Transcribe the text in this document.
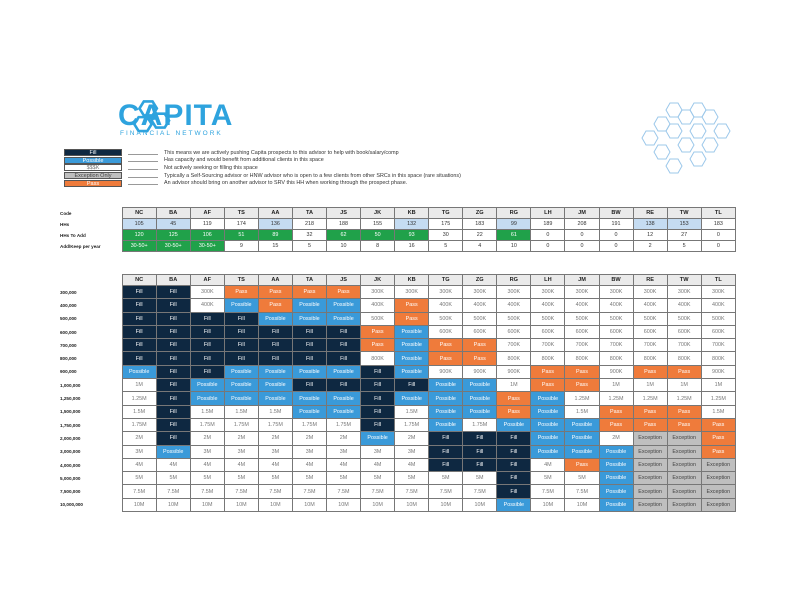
CAPITA
FINANCIAL NETWORK
Fill	This means we are actively pushing Capita prospects to this advisor to help with book/salary/comp
Possible	Has capacity and would benefit from additional clients in this space
$$$K	Not actively seeking or filling this space
Exception Only	Typically a Self-Sourcing advisor or HNW advisor who is open to a few clients from other SRCs in this space (rare situations)
Pass	An advisor should bring on another advisor to SRV this HH when working through the prospect phase.
Code	NC	BA	AF	TS	AA	TA	JS	JK	KB	TG	ZG	RG	LH	JM	BW	RE	TW	TL
HHs	105	45	119	174	136	218	188	155	132	175	183	99	189	208	191	138	153	183
HHs To Add	120	125	106	51	89	32	62	50	93	30	22	61	0	0	0	12	27	0
Add/Keep per year	30-50+	30-50+	30-50+	9	15	5	10	8	16	5	4	10	0	0	0	2	5	0
	NC	BA	AF	TS	AA	TA	JS	JK	KB	TG	ZG	RG	LH	JM	BW	RE	TW	TL
300,000	Fill	Fill	300K	Pass	Pass	Pass	Pass	300K	300K	300K	300K	300K	300K	300K	300K	300K	300K	300K
400,000	Fill	Fill	400K	Possible	Pass	Possible	Possible	400K	Pass	400K	400K	400K	400K	400K	400K	400K	400K	400K
500,000	Fill	Fill	Fill	Fill	Possible	Possible	Possible	500K	Pass	500K	500K	500K	500K	500K	500K	500K	500K	500K
600,000	Fill	Fill	Fill	Fill	Fill	Fill	Fill	Pass	Possible	600K	600K	600K	600K	600K	600K	600K	600K	600K
700,000	Fill	Fill	Fill	Fill	Fill	Fill	Fill	Pass	Possible	Pass	Pass	700K	700K	700K	700K	700K	700K	700K
800,000	Fill	Fill	Fill	Fill	Fill	Fill	Fill	800K	Possible	Pass	Pass	800K	800K	800K	800K	800K	800K	800K
900,000	Possible	Fill	Fill	Possible	Possible	Possible	Possible	Fill	Possible	900K	900K	900K	Pass	Pass	900K	Pass	Pass	900K
1,000,000	1M	Fill	Possible	Possible	Possible	Fill	Fill	Fill	Fill	Possible	Possible	1M	Pass	Pass	1M	1M	1M	1M
1,250,000	1.25M	Fill	Possible	Possible	Possible	Possible	Possible	Fill	Possible	Possible	Possible	Pass	Possible	1.25M	1.25M	1.25M	1.25M	1.25M
1,500,000	1.5M	Fill	1.5M	1.5M	1.5M	Possible	Possible	Fill	1.5M	Possible	Possible	Pass	Possible	1.5M	Pass	Pass	Pass	1.5M
1,750,000	1.75M	Fill	1.75M	1.75M	1.75M	1.75M	1.75M	Fill	1.75M	Possible	1.75M	Possible	Possible	Possible	Pass	Pass	Pass	Pass
2,000,000	2M	Fill	2M	2M	2M	2M	2M	Possible	2M	Fill	Fill	Fill	Possible	Possible	2M	Exception	Exception	Pass
3,000,000	3M	Possible	3M	3M	3M	3M	3M	3M	3M	Fill	Fill	Fill	Possible	Possible	Possible	Exception	Exception	Pass
4,000,000	4M	4M	4M	4M	4M	4M	4M	4M	4M	Fill	Fill	Fill	4M	Pass	Possible	Exception	Exception	Exception
5,000,000	5M	5M	5M	5M	5M	5M	5M	5M	5M	5M	5M	Fill	5M	5M	Possible	Exception	Exception	Exception
7,500,000	7.5M	7.5M	7.5M	7.5M	7.5M	7.5M	7.5M	7.5M	7.5M	7.5M	7.5M	Fill	7.5M	7.5M	Possible	Exception	Exception	Exception
10,000,000	10M	10M	10M	10M	10M	10M	10M	10M	10M	10M	10M	Possible	10M	10M	Possible	Exception	Exception	Exception
